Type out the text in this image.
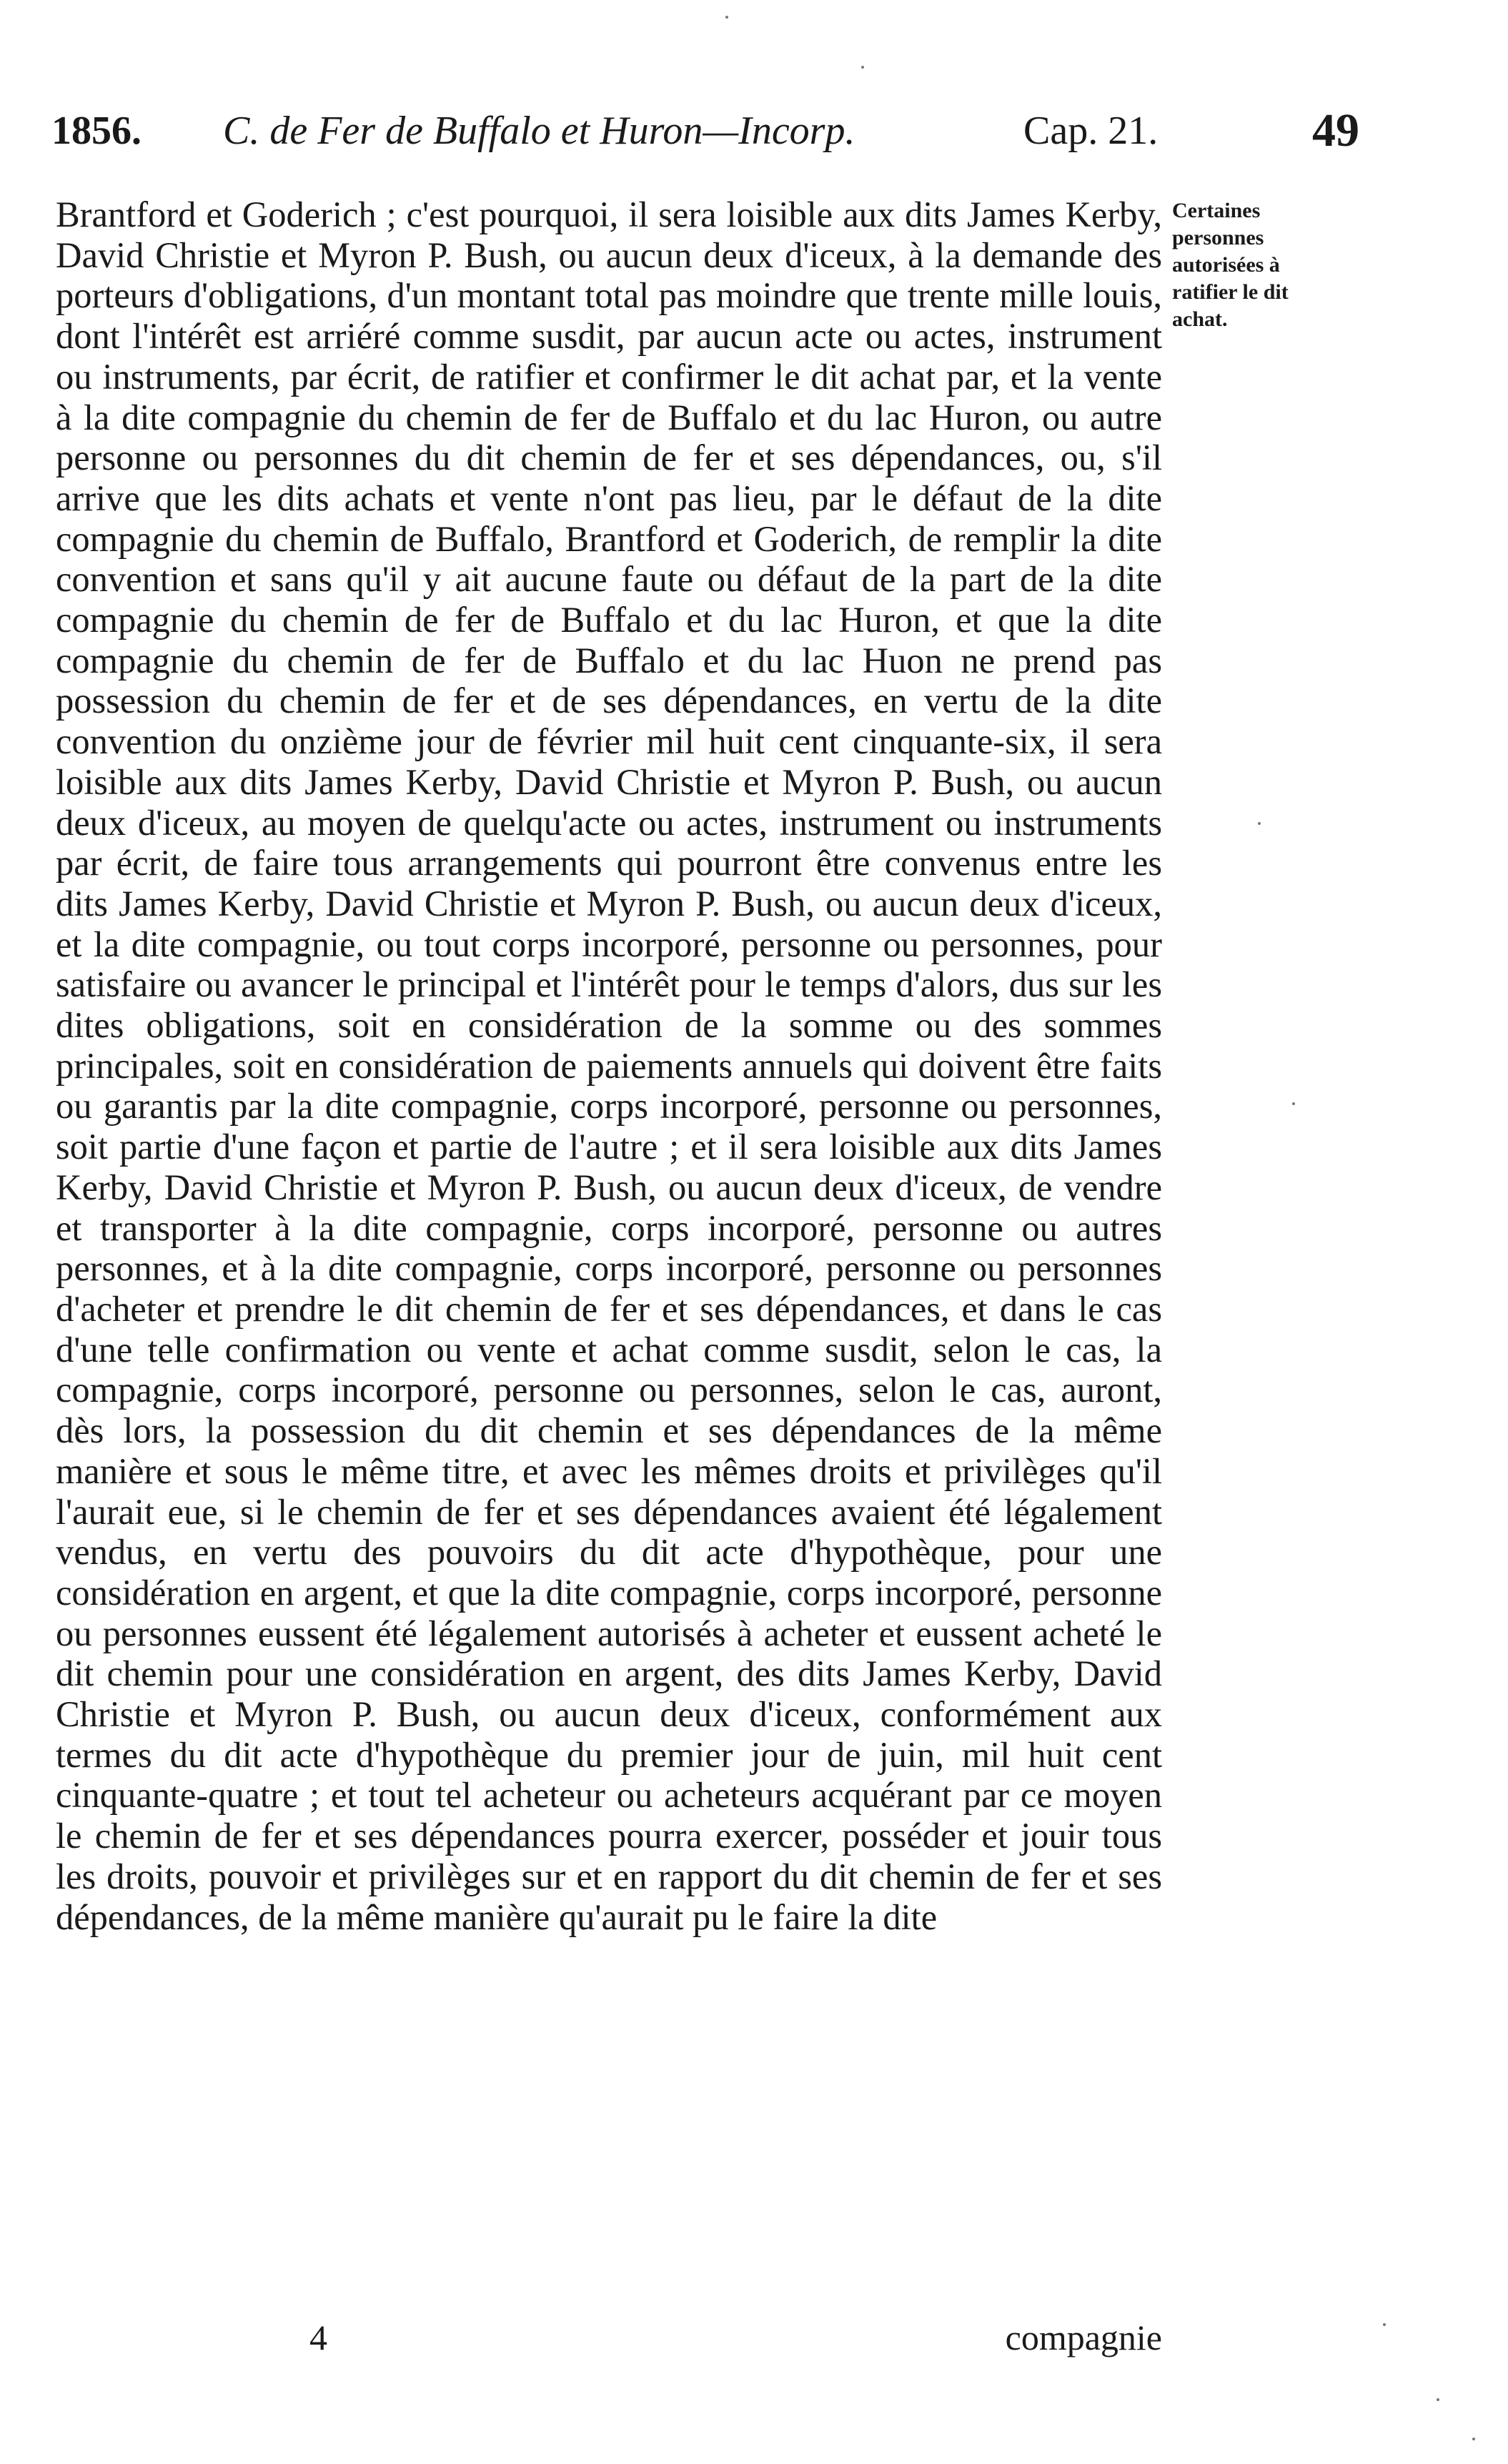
1856. C. de Fer de Buffalo et Huron—Incorp.	Cap. 21.	49
Certaines personnes autorisées à ratifier le dit achat.

Brantford et Goderich ; c'est pourquoi, il sera loisible aux dits James Kerby, David Christie et Myron P. Bush, ou aucun deux d'iceux, à la demande des porteurs d'obligations, d'un montant total pas moindre que trente mille louis, dont l'intérêt est arriéré comme susdit, par aucun acte ou actes, instrument ou instruments, par écrit, de ratifier et confirmer le dit achat par, et la vente à la dite compagnie du chemin de fer de Buffalo et du lac Huron, ou autre personne ou personnes du dit chemin de fer et ses dépendances, ou, s'il arrive que les dits achats et vente n'ont pas lieu, par le défaut de la dite compagnie du chemin de Buffalo, Brantford et Goderich, de remplir la dite convention et sans qu'il y ait aucune faute ou défaut de la part de la dite compagnie du chemin de fer de Buffalo et du lac Huron, et que la dite compagnie du chemin de fer de Buffalo et du lac Huon ne prend pas possession du chemin de fer et de ses dépendances, en vertu de la dite convention du onzième jour de février mil huit cent cinquante-six, il sera loisible aux dits James Kerby, David Christie et Myron P. Bush, ou aucun deux d'iceux, au moyen de quelqu'acte ou actes, instrument ou instruments par écrit, de faire tous arrangements qui pourront être convenus entre les dits James Kerby, David Christie et Myron P. Bush, ou aucun deux d'iceux, et la dite compagnie, ou tout corps incorporé, personne ou personnes, pour satisfaire ou avancer le principal et l'intérêt pour le temps d'alors, dus sur les dites obligations, soit en considération de la somme ou des sommes principales, soit en considération de paiements annuels qui doivent être faits ou garantis par la dite compagnie, corps incorporé, personne ou personnes, soit partie d'une façon et partie de l'autre ; et il sera loisible aux dits James Kerby, David Christie et Myron P. Bush, ou aucun deux d'iceux, de vendre et transporter à la dite compagnie, corps incorporé, personne ou autres personnes, et à la dite compagnie, corps incorporé, personne ou personnes d'acheter et prendre le dit chemin de fer et ses dépendances, et dans le cas d'une telle confirmation ou vente et achat comme susdit, selon le cas, la compagnie, corps incorporé, personne ou personnes, selon le cas, auront, dès lors, la possession du dit chemin et ses dépendances de la même manière et sous le même titre, et avec les mêmes droits et privilèges qu'il l'aurait eue, si le chemin de fer et ses dépendances avaient été légalement vendus, en vertu des pouvoirs du dit acte d'hypothèque, pour une considération en argent, et que la dite compagnie, corps incorporé, personne ou personnes eussent été légalement autorisés à acheter et eussent acheté le dit chemin pour une considération en argent, des dits James Kerby, David Christie et Myron P. Bush, ou aucun deux d'iceux, conformément aux termes du dit acte d'hypothèque du premier jour de juin, mil huit cent cinquante-quatre ; et tout tel acheteur ou acheteurs acquérant par ce moyen le chemin de fer et ses dépendances pourra exercer, posséder et jouir tous les droits, pouvoir et privilèges sur et en rapport du dit chemin de fer et ses dépendances, de la même manière qu'aurait pu le faire la dite

4	compagnie
